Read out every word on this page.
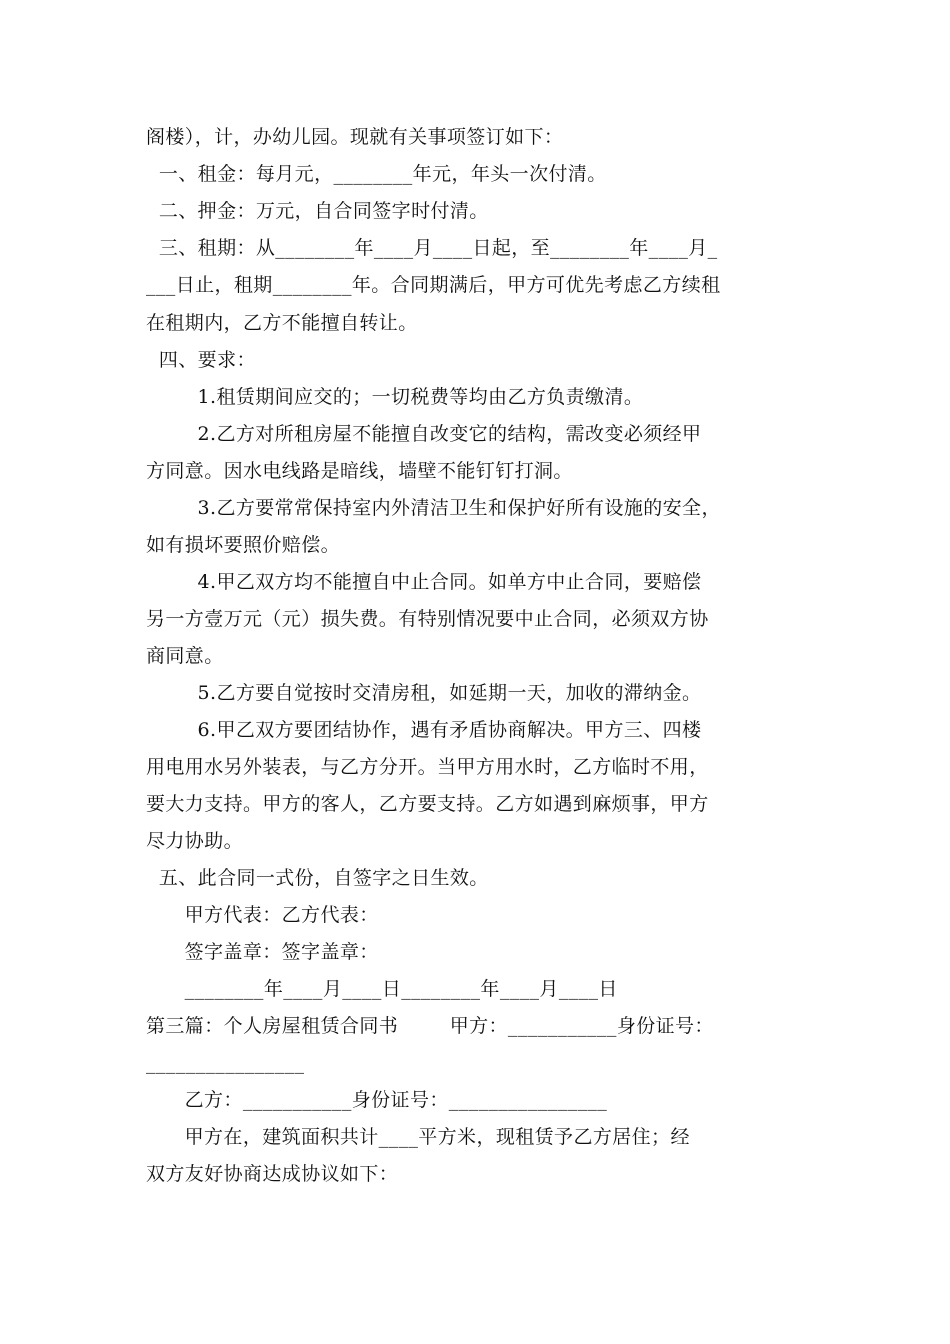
阁楼），计，办幼儿园。现就有关事项签订如下：
一、租金：每月元，________年元，年头一次付清。
二、押金：万元，自合同签字时付清。
三、租期：从________年____月____日起，至________年____月_
___日止，租期________年。合同期满后，甲方可优先考虑乙方续租
在租期内，乙方不能擅自转让。
四、要求：
1.租赁期间应交的；一切税费等均由乙方负责缴清。
2.乙方对所租房屋不能擅自改变它的结构，需改变必须经甲
方同意。因水电线路是暗线，墙壁不能钉钉打洞。
3.乙方要常常保持室内外清洁卫生和保护好所有设施的安全，
如有损坏要照价赔偿。
4.甲乙双方均不能擅自中止合同。如单方中止合同，要赔偿
另一方壹万元（元）损失费。有特别情况要中止合同，必须双方协
商同意。
5.乙方要自觉按时交清房租，如延期一天，加收的滞纳金。
6.甲乙双方要团结协作，遇有矛盾协商解决。甲方三、四楼
用电用水另外装表，与乙方分开。当甲方用水时，乙方临时不用，
要大力支持。甲方的客人，乙方要支持。乙方如遇到麻烦事，甲方
尽力协助。
五、此合同一式份，自签字之日生效。
甲方代表：乙方代表：
签字盖章：签字盖章：
________年____月____日________年____月____日
第三篇：个人房屋租赁合同书        甲方：___________身份证号：
________________
乙方：___________身份证号：________________
甲方在，建筑面积共计____平方米，现租赁予乙方居住；经
双方友好协商达成协议如下：
